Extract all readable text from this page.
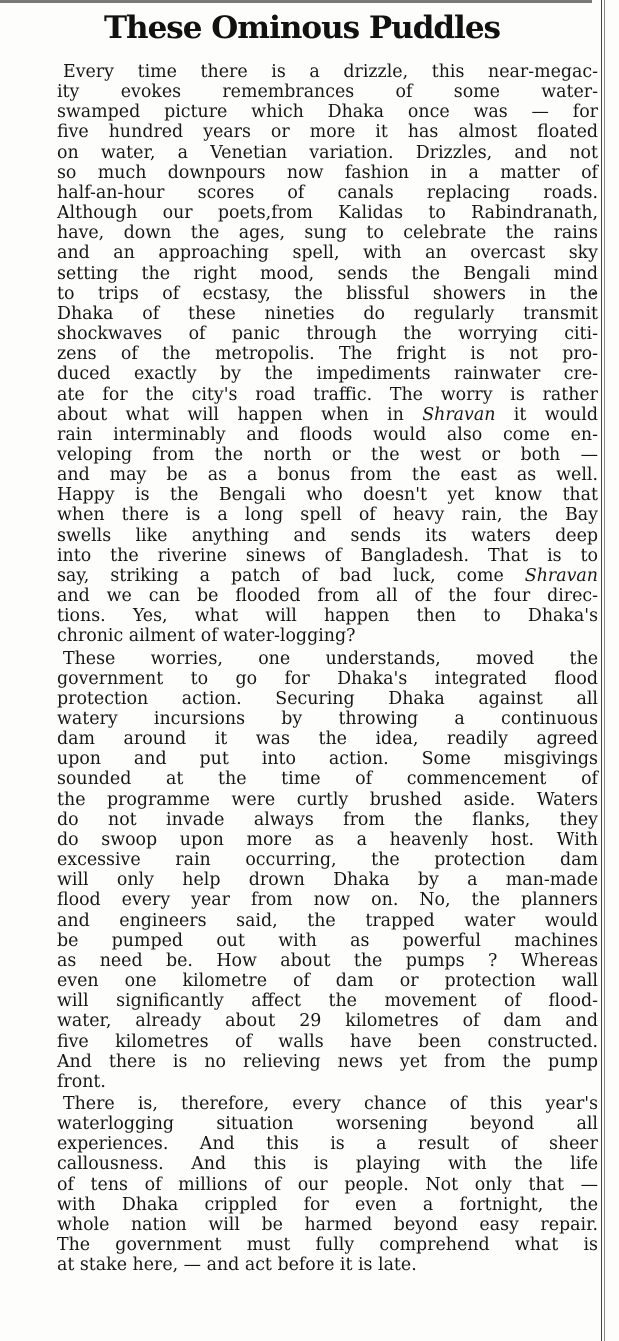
These Ominous Puddles
Every time there is a drizzle, this near-megac-
ity evokes remembrances of some water-
swamped picture which Dhaka once was — for
five hundred years or more it has almost floated
on water, a Venetian variation. Drizzles, and not
so much downpours now fashion in a matter of
half-an-hour scores of canals replacing roads.
Although our poets,from Kalidas to Rabindranath,
have, down the ages, sung to celebrate the rains
and an approaching spell, with an overcast sky
setting the right mood, sends the Bengali mind
to trips of ecstasy, the blissful showers in the
Dhaka of these nineties do regularly transmit
shockwaves of panic through the worrying citi-
zens of the metropolis. The fright is not pro-
duced exactly by the impediments rainwater cre-
ate for the city's road traffic. The worry is rather
about what will happen when in Shravan it would
rain interminably and floods would also come en-
veloping from the north or the west or both —
and may be as a bonus from the east as well.
Happy is the Bengali who doesn't yet know that
when there is a long spell of heavy rain, the Bay
swells like anything and sends its waters deep
into the riverine sinews of Bangladesh. That is to
say, striking a patch of bad luck, come Shravan
and we can be flooded from all of the four direc-
tions. Yes, what will happen then to Dhaka's
chronic ailment of water-logging?
These worries, one understands, moved the
government to go for Dhaka's integrated flood
protection action. Securing Dhaka against all
watery incursions by throwing a continuous
dam around it was the idea, readily agreed
upon and put into action. Some misgivings
sounded at the time of commencement of
the programme were curtly brushed aside. Waters
do not invade always from the flanks, they
do swoop upon more as a heavenly host. With
excessive rain occurring, the protection dam
will only help drown Dhaka by a man-made
flood every year from now on. No, the planners
and engineers said, the trapped water would
be pumped out with as powerful machines
as need be. How about the pumps ? Whereas
even one kilometre of dam or protection wall
will significantly affect the movement of flood-
water, already about 29 kilometres of dam and
five kilometres of walls have been constructed.
And there is no relieving news yet from the pump
front.
There is, therefore, every chance of this year's
waterlogging situation worsening beyond all
experiences. And this is a result of sheer
callousness. And this is playing with the life
of tens of millions of our people. Not only that —
with Dhaka crippled for even a fortnight, the
whole nation will be harmed beyond easy repair.
The government must fully comprehend what is
at stake here, — and act before it is late.
